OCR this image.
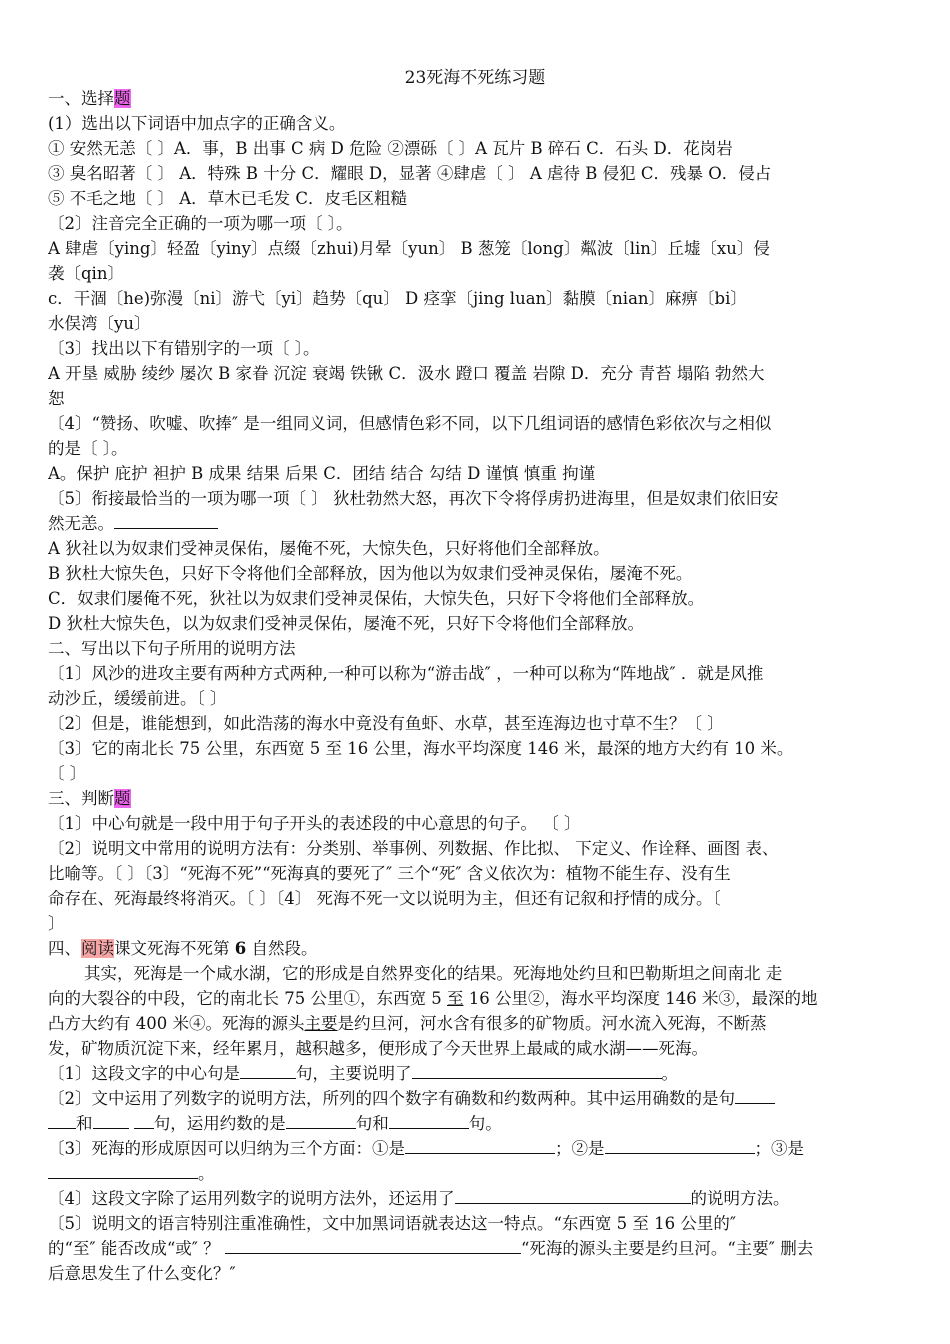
23死海不死练习题
一、选择题
(1）选出以下词语中加点字的正确含义。
① 安然无恙〔 〕A．事，B 出事 C 病 D 危险 ②漂砾〔 〕A 瓦片 B 碎石 C．石头 D．花岗岩
③ 臭名昭著〔 〕 A．特殊 B 十分 C．耀眼 D，显著 ④肆虐〔 〕 A 虐待 B 侵犯 C．残暴 O．侵占
⑤ 不毛之地〔 〕 A．草木已毛发 C．皮毛区粗糙
〔2〕注音完全正确的一项为哪一项〔 〕。
A 肆虐〔ying〕轻盈〔yiny〕点缀〔zhui)月晕〔yun〕 B 葱笼〔long〕粼波〔lin〕丘墟〔xu〕侵
袭〔qin〕
c．干涸〔he)弥漫〔ni〕游弋〔yi〕趋势〔qu〕 D 痉挛〔jing luan〕黏膜〔nian〕麻痹〔bi〕
水俣湾〔yu〕
〔3〕找出以下有错别字的一项〔 〕。
A 开垦 威胁 绫纱 屡次 B 家眷 沉淀 衰竭 铁锹 C．汲水 蹬口 覆盖 岩隙 D．充分 青苔 塌陷 勃然大
恕
〔4〕“赞扬、吹嘘、吹捧″ 是一组同义词，但感情色彩不同，以下几组词语的感情色彩依次与之相似
的是〔 〕。
A。保护 庇护 袒护 B 成果 结果 后果 C．团结 结合 勾结 D 谨慎 慎重 拘谨
〔5〕衔接最恰当的一项为哪一项〔 〕 狄杜勃然大怒，再次下令将俘虏扔进海里，但是奴隶们依旧安
然无恙。
A 狄社以为奴隶们受神灵保佑，屡俺不死，大惊失色，只好将他们全部释放。
B 狄杜大惊失色，只好下令将他们全部释放，因为他以为奴隶们受神灵保佑，屡淹不死。
C．奴隶们屡俺不死，狄社以为奴隶们受神灵保佑，大惊失色，只好下令将他们全部释放。
D 狄杜大惊失色，以为奴隶们受神灵保佑，屡淹不死，只好下令将他们全部释放。
二、写出以下句子所用的说明方法
〔1〕风沙的进攻主要有两种方式两种,一种可以称为“游击战″ ，一种可以称为“阵地战″ ．就是风推
动沙丘，缓缓前进。〔 〕
〔2〕但是，谁能想到，如此浩荡的海水中竟没有鱼虾、水草，甚至连海边也寸草不生？〔 〕
〔3〕它的南北长 75 公里，东西宽 5 至 16 公里，海水平均深度 146 米，最深的地方大约有 10 米。
〔 〕
三、判断题
〔1〕中心句就是一段中用于句子开头的表述段的中心意思的句子。 〔 〕
〔2〕说明文中常用的说明方法有：分类别、举事例、列数据、作比拟、 下定义、作诠释、画图 表、
比喻等。〔 〕〔3〕“死海不死”“死海真的要死了″ 三个“死″ 含义依次为：植物不能生存、没有生
命存在、死海最终将消灭。〔 〕〔4〕 死海不死一文以说明为主，但还有记叙和抒情的成分。〔
〕
四、阅读课文死海不死第 6 自然段。
其实，死海是一个咸水湖，它的形成是自然界变化的结果。死海地处约旦和巴勒斯坦之间南北 走
向的大裂谷的中段，它的南北长 75 公里①，东西宽 5 至 16 公里②，海水平均深度 146 米③，最深的地
凸方大约有 400 米④。死海的源头主要是约旦河，河水含有很多的矿物质。河水流入死海，不断蒸
发，矿物质沉淀下来，经年累月，越积越多，便形成了今天世界上最咸的咸水湖——死海。
〔1〕这段文字的中心句是	句，主要说明了	。
〔2〕文中运用了列数字的说明方法，所列的四个数字有确数和约数两种。其中运用确数的是句
和	句，运用约数的是	句和	句。
〔3〕死海的形成原因可以归纳为三个方面：①是	；②是	；③是
。
〔4〕这段文字除了运用列数字的说明方法外，还运用了	的说明方法。
〔5〕说明文的语言特别注重准确性，文中加黑词语就表达这一特点。“东西宽 5 至 16 公里的″
的“至″ 能否改成“或″ ？	“死海的源头主要是约旦河。“主要″ 删去
后意思发生了什么变化？″
